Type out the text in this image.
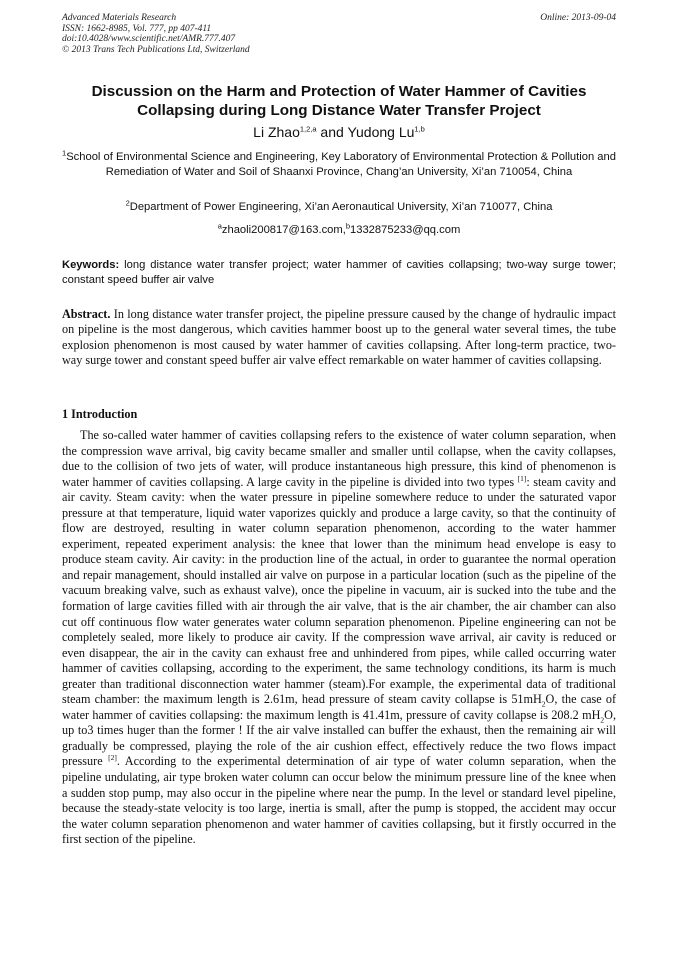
Advanced Materials Research
ISSN: 1662-8985, Vol. 777, pp 407-411
doi:10.4028/www.scientific.net/AMR.777.407
© 2013 Trans Tech Publications Ltd, Switzerland
Online: 2013-09-04
Discussion on the Harm and Protection of Water Hammer of Cavities Collapsing during Long Distance Water Transfer Project
Li Zhao$^{1,2,a}$ and Yudong Lu$^{1,b}$
$^1$School of Environmental Science and Engineering, Key Laboratory of Environmental Protection & Pollution and Remediation of Water and Soil of Shaanxi Province, Chang’an University, Xi’an 710054, China
$^2$Department of Power Engineering, Xi’an Aeronautical University, Xi’an 710077, China
$^a$zhaoli200817@163.com,$^b$1332875233@qq.com
Keywords: long distance water transfer project; water hammer of cavities collapsing; two-way surge tower; constant speed buffer air valve
Abstract. In long distance water transfer project, the pipeline pressure caused by the change of hydraulic impact on pipeline is the most dangerous, which cavities hammer boost up to the general water several times, the tube explosion phenomenon is most caused by water hammer of cavities collapsing. After long-term practice, two-way surge tower and constant speed buffer air valve effect remarkable on water hammer of cavities collapsing.
1 Introduction
The so-called water hammer of cavities collapsing refers to the existence of water column separation, when the compression wave arrival, big cavity became smaller and smaller until collapse, when the cavity collapses, due to the collision of two jets of water, will produce instantaneous high pressure, this kind of phenomenon is water hammer of cavities collapsing. A large cavity in the pipeline is divided into two types [1]: steam cavity and air cavity. Steam cavity: when the water pressure in pipeline somewhere reduce to under the saturated vapor pressure at that temperature, liquid water vaporizes quickly and produce a large cavity, so that the continuity of flow are destroyed, resulting in water column separation phenomenon, according to the water hammer experiment, repeated experiment analysis: the knee that lower than the minimum head envelope is easy to produce steam cavity. Air cavity: in the production line of the actual, in order to guarantee the normal operation and repair management, should installed air valve on purpose in a particular location (such as the pipeline of the vacuum breaking valve, such as exhaust valve), once the pipeline in vacuum, air is sucked into the tube and the formation of large cavities filled with air through the air valve, that is the air chamber, the air chamber can also cut off continuous flow water generates water column separation phenomenon. Pipeline engineering can not be completely sealed, more likely to produce air cavity. If the compression wave arrival, air cavity is reduced or even disappear, the air in the cavity can exhaust free and unhindered from pipes, while called occurring water hammer of cavities collapsing, according to the experiment, the same technology conditions, its harm is much greater than traditional disconnection water hammer (steam).For example, the experimental data of traditional steam chamber: the maximum length is 2.61m, head pressure of steam cavity collapse is $51mH_2O$, the case of water hammer of cavities collapsing: the maximum length is 41.41m, pressure of cavity collapse is 208.2 $mH_2O$, up to3 times huger than the former ! If the air valve installed can buffer the exhaust, then the remaining air will gradually be compressed, playing the role of the air cushion effect, effectively reduce the two flows impact pressure [2]. According to the experimental determination of air type of water column separation, when the pipeline undulating, air type broken water column can occur below the minimum pressure line of the knee when a sudden stop pump, may also occur in the pipeline where near the pump. In the level or standard level pipeline, because the steady-state velocity is too large, inertia is small, after the pump is stopped, the accident may occur the water column separation phenomenon and water hammer of cavities collapsing, but it firstly occurred in the first section of the pipeline.
